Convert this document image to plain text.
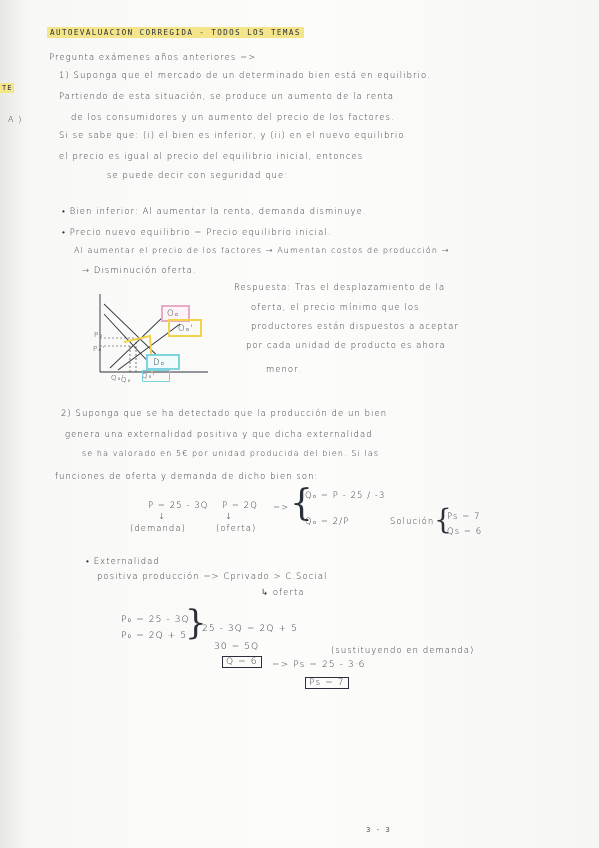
TE
A )
AUTOEVALUACION CORREGIDA - TODOS LOS TEMAS
Pregunta exámenes años anteriores =>
1) Suponga que el mercado de un determinado bien está en equilibrio.
Partiendo de esta situación, se produce un aumento de la renta
de los consumidores y un aumento del precio de los factores.
Si se sabe que: (i) el bien es inferior, y (ii) en el nuevo equilibrio
el precio es igual al precio del equilibrio inicial, entonces
se puede decir con seguridad que:
• Bien inferior: Al aumentar la renta, demanda disminuye.
• Precio nuevo equilibrio = Precio equilibrio inicial.
Al aumentar el precio de los factores → Aumentan costos de producción →
→ Disminución oferta.
O₀
O₀'
D₀
P₀
P₀'
Q₀'
Q₀ Q₀'
Respuesta: Tras el desplazamiento de la
oferta, el precio mínimo que los
productores están dispuestos a aceptar
por cada unidad de producto es ahora
menor.
2) Suponga que se ha detectado que la producción de un bien
genera una externalidad positiva y que dicha externalidad
se ha valorado en 5€ por unidad producida del bien. Si las
funciones de oferta y demanda de dicho bien son:
P = 25 - 3Q
↓
(demanda)
P = 2Q
↓
(oferta)
=> {
Q₀ = P - 25 / -3
Q₀ = 2/P	Solución {
Ps = 7
Qs = 6
• Externalidad
positiva producción => Cprivado > C.Social
↳ oferta
P₀ = 25 - 3Q
P₀ = 2Q + 5
}
25 - 3Q = 2Q + 5
30 = 5Q
Q = 6
(sustituyendo en demanda)
=> Ps = 25 - 3·6
Ps = 7
3 - 3
